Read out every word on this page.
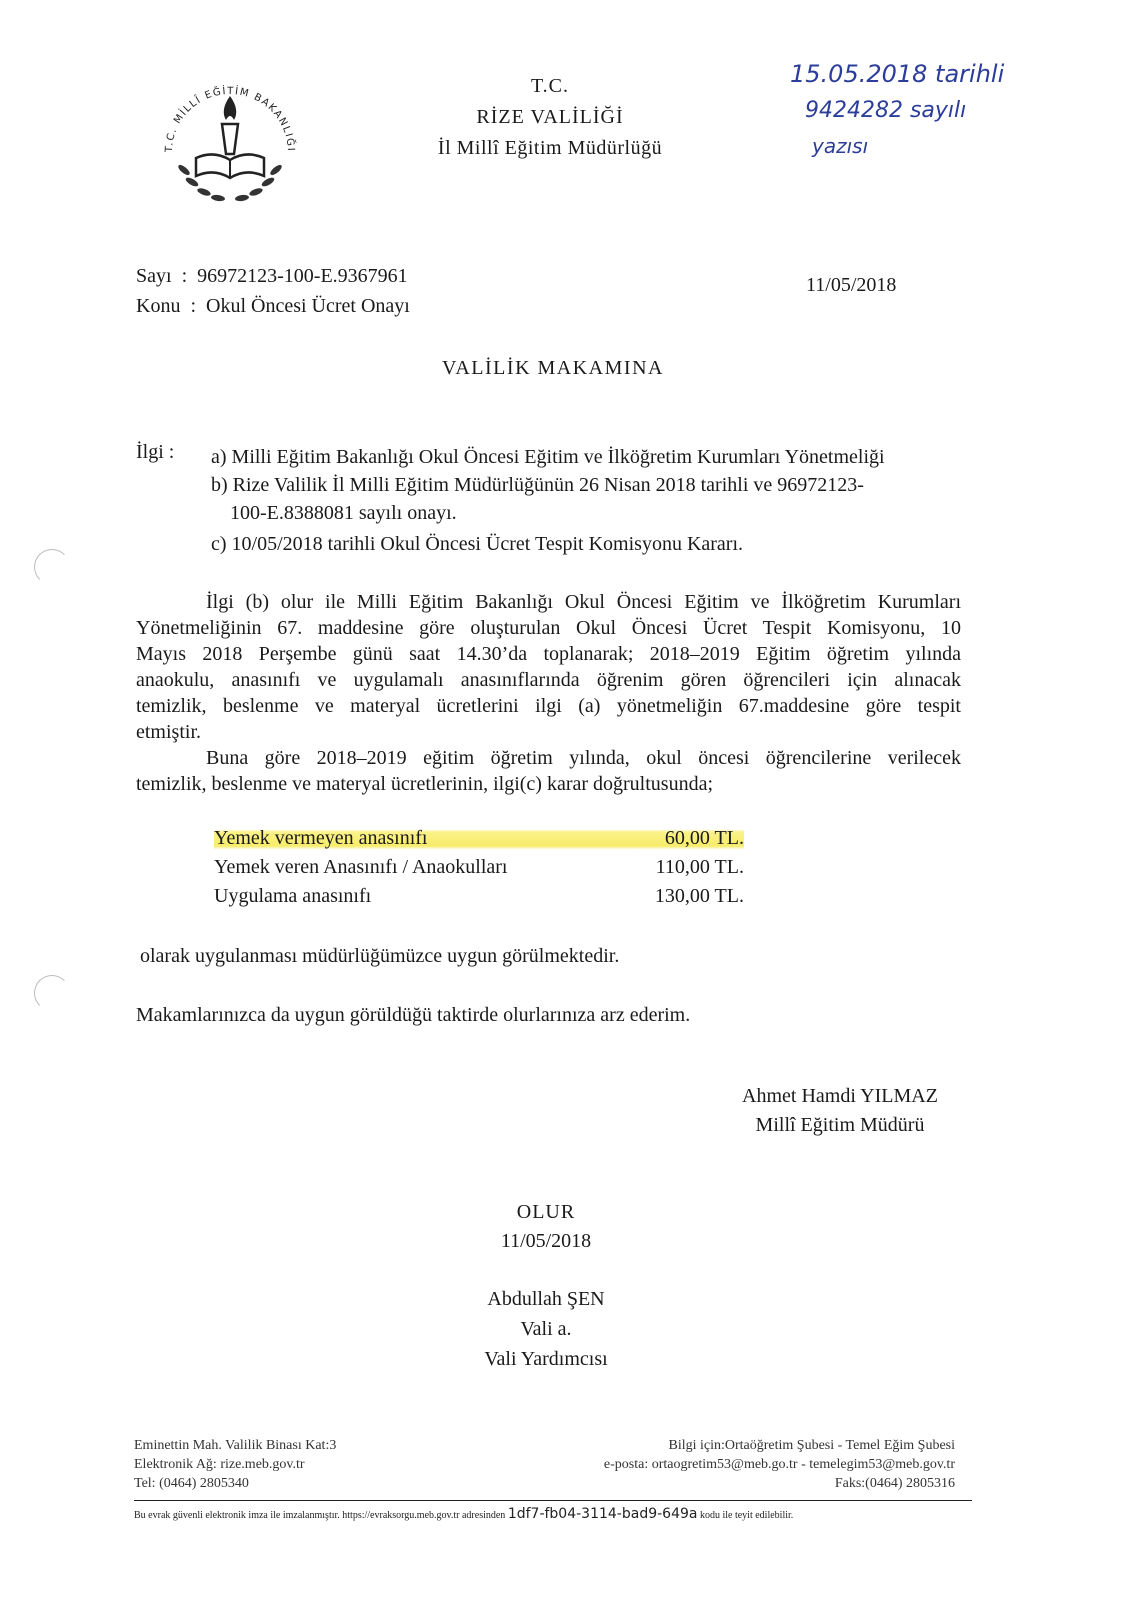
T.C. MİLLÎ EĞİTİM BAKANLIĞI
T.C.
RİZE VALİLİĞİ
İl Millî Eğitim Müdürlüğü
15.05.2018 tarihli
9424282 sayılı
yazısı
Sayı  :  96972123-100-E.9367961
Konu  :  Okul Öncesi Ücret Onayı
11/05/2018
VALİLİK MAKAMINA
İlgi : a) Milli Eğitim Bakanlığı Okul Öncesi Eğitim ve İlköğretim Kurumları Yönetmeliği
b) Rize Valilik İl Milli Eğitim Müdürlüğünün 26 Nisan 2018 tarihli ve 96972123-
100-E.8388081 sayılı onayı.
c) 10/05/2018 tarihli Okul Öncesi Ücret Tespit Komisyonu Kararı.
İlgi (b) olur ile Milli Eğitim Bakanlığı Okul Öncesi Eğitim ve İlköğretim Kurumları
Yönetmeliğinin 67. maddesine göre oluşturulan Okul Öncesi Ücret Tespit Komisyonu, 10
Mayıs 2018 Perşembe günü saat 14.30’da toplanarak; 2018–2019 Eğitim öğretim yılında
anaokulu, anasınıfı ve uygulamalı anasınıflarında öğrenim gören öğrencileri için alınacak
temizlik, beslenme ve materyal ücretlerini ilgi (a) yönetmeliğin 67.maddesine göre tespit
etmiştir.
Buna göre 2018–2019 eğitim öğretim yılında, okul öncesi öğrencilerine verilecek
temizlik, beslenme ve materyal ücretlerinin, ilgi(c) karar doğrultusunda;
Yemek vermeyen anasınıfı	60,00 TL.
Yemek veren Anasınıfı / Anaokulları	110,00 TL.
Uygulama anasınıfı	130,00 TL.
olarak uygulanması müdürlüğümüzce uygun görülmektedir.
Makamlarınızca da uygun görüldüğü taktirde olurlarınıza arz ederim.
Ahmet Hamdi YILMAZ
Millî Eğitim Müdürü
OLUR
11/05/2018
Abdullah ŞEN
Vali a.
Vali Yardımcısı
Eminettin Mah. Valilik Binası Kat:3
Elektronik Ağ: rize.meb.gov.tr
Tel: (0464) 2805340
Bilgi için:Ortaöğretim Şubesi - Temel Eğim Şubesi
e-posta: ortaogretim53@meb.go.tr - temelegim53@meb.gov.tr
Faks:(0464) 2805316
Bu evrak güvenli elektronik imza ile imzalanmıştır. https://evraksorgu.meb.gov.tr adresinden 1df7-fb04-3114-bad9-649a kodu ile teyit edilebilir.
